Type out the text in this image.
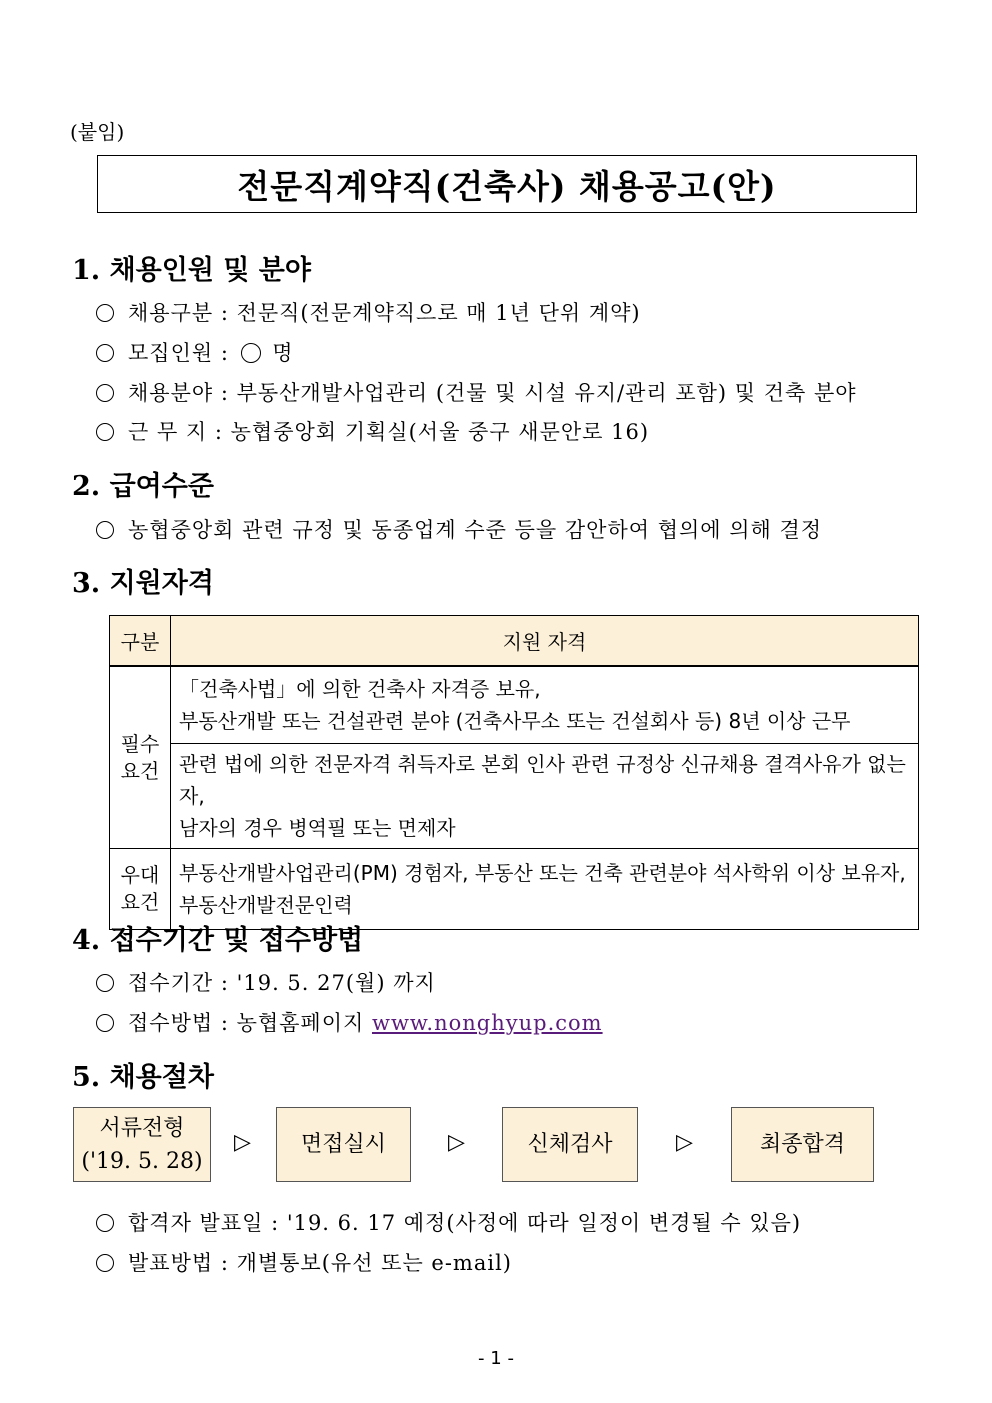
(붙임)
전문직계약직(건축사) 채용공고(안)
1. 채용인원 및 분야
채용구분 : 전문직(전문계약직으로 매 1년 단위 계약)
모집인원 : 명
채용분야 : 부동산개발사업관리 (건물 및 시설 유지/관리 포함) 및 건축 분야
근 무 지 : 농협중앙회 기획실(서울 중구 새문안로 16)
2. 급여수준
농협중앙회 관련 규정 및 동종업계 수준 등을 감안하여 협의에 의해 결정
3. 지원자격
구분	지원 자격
필수
요건	「건축사법」에 의한 건축사 자격증 보유,
부동산개발 또는 건설관련 분야 (건축사무소 또는 건설회사 등) 8년 이상 근무
	관련 법에 의한 전문자격 취득자로 본회 인사 관련 규정상 신규채용 결격사유가 없는 자,
남자의 경우 병역필 또는 면제자
우대
요건	부동산개발사업관리(PM) 경험자, 부동산 또는 건축 관련분야 석사학위 이상 보유자,
부동산개발전문인력
4. 접수기간 및 접수방법
접수기간 : '19. 5. 27(월) 까지
접수방법 : 농협홈페이지 www.nonghyup.com
5. 채용절차
서류전형
('19. 5. 28)
▷ 면접실시	▷	신체검사	▷	최종합격
합격자 발표일 : '19. 6. 17 예정(사정에 따라 일정이 변경될 수 있음)
발표방법 : 개별통보(유선 또는 e-mail)
- 1 -
